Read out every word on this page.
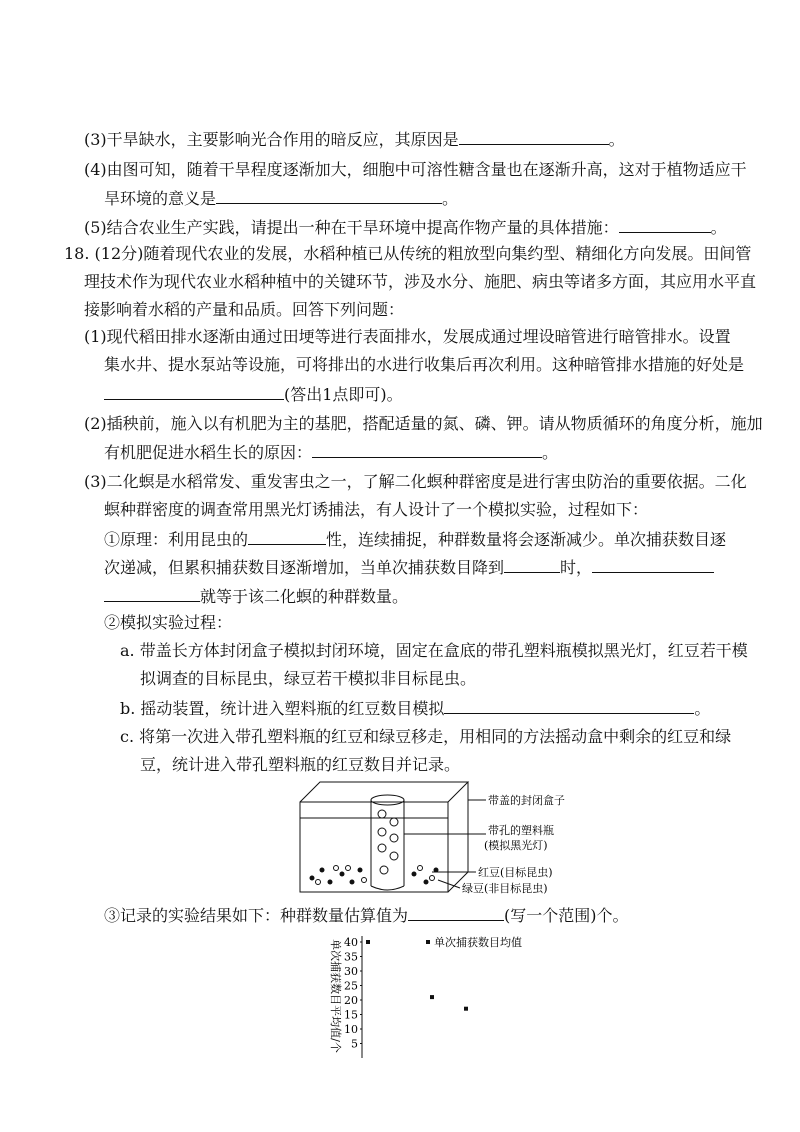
(3)干旱缺水，主要影响光合作用的暗反应，其原因是	。
(4)由图可知，随着干旱程度逐渐加大，细胞中可溶性糖含量也在逐渐升高，这对于植物适应干
旱环境的意义是	。
(5)结合农业生产实践，请提出一种在干旱环境中提高作物产量的具体措施：	。
18. (12分)随着现代农业的发展，水稻种植已从传统的粗放型向集约型、精细化方向发展。田间管
理技术作为现代农业水稻种植中的关键环节，涉及水分、施肥、病虫等诸多方面，其应用水平直
接影响着水稻的产量和品质。回答下列问题：
(1)现代稻田排水逐渐由通过田埂等进行表面排水，发展成通过埋设暗管进行暗管排水。设置
集水井、提水泵站等设施，可将排出的水进行收集后再次利用。这种暗管排水措施的好处是
(答出1点即可)。
(2)插秧前，施入以有机肥为主的基肥，搭配适量的氮、磷、钾。请从物质循环的角度分析，施加
有机肥促进水稻生长的原因：	。
(3)二化螟是水稻常发、重发害虫之一，了解二化螟种群密度是进行害虫防治的重要依据。二化
螟种群密度的调查常用黑光灯诱捕法，有人设计了一个模拟实验，过程如下：
①原理：利用昆虫的	性，连续捕捉，种群数量将会逐渐减少。单次捕获数目逐
次递减，但累积捕获数目逐渐增加，当单次捕获数目降到	时，
就等于该二化螟的种群数量。
②模拟实验过程：
a. 带盖长方体封闭盒子模拟封闭环境，固定在盒底的带孔塑料瓶模拟黑光灯，红豆若干模
拟调查的目标昆虫，绿豆若干模拟非目标昆虫。
b. 摇动装置，统计进入塑料瓶的红豆数目模拟	。
c. 将第一次进入带孔塑料瓶的红豆和绿豆移走，用相同的方法摇动盒中剩余的红豆和绿
豆，统计进入带孔塑料瓶的红豆数目并记录。
带盖的封闭盒子
带孔的塑料瓶
(模拟黑光灯)
红豆(目标昆虫)
绿豆(非目标昆虫)
③记录的实验结果如下：种群数量估算值为	(写一个范围)个。
单次捕获数目平均值/个 5
10
15
20
25
30
35
40	单次捕获数目均值
